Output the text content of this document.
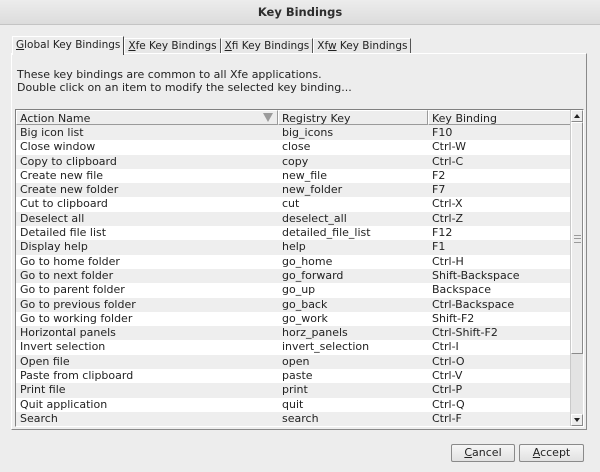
Key Bindings
Global Key Bindings Xfe Key Bindings Xfi Key Bindings Xfw Key Bindings
These key bindings are common to all Xfe applications.
Double click on an item to modify the selected key binding...
Action Name	Registry Key	Key Binding
Big icon list	big_icons	F10
Close window	close	Ctrl-W
Copy to clipboard	copy	Ctrl-C
Create new file	new_file	F2
Create new folder	new_folder	F7
Cut to clipboard	cut	Ctrl-X
Deselect all	deselect_all	Ctrl-Z
Detailed file list	detailed_file_list	F12
Display help	help	F1
Go to home folder	go_home	Ctrl-H
Go to next folder	go_forward	Shift-Backspace
Go to parent folder	go_up	Backspace
Go to previous folder	go_back	Ctrl-Backspace
Go to working folder	go_work	Shift-F2
Horizontal panels	horz_panels	Ctrl-Shift-F2
Invert selection	invert_selection	Ctrl-I
Open file	open	Ctrl-O
Paste from clipboard	paste	Ctrl-V
Print file	print	Ctrl-P
Quit application	quit	Ctrl-Q
Search	search	Ctrl-F
Cancel	Accept
